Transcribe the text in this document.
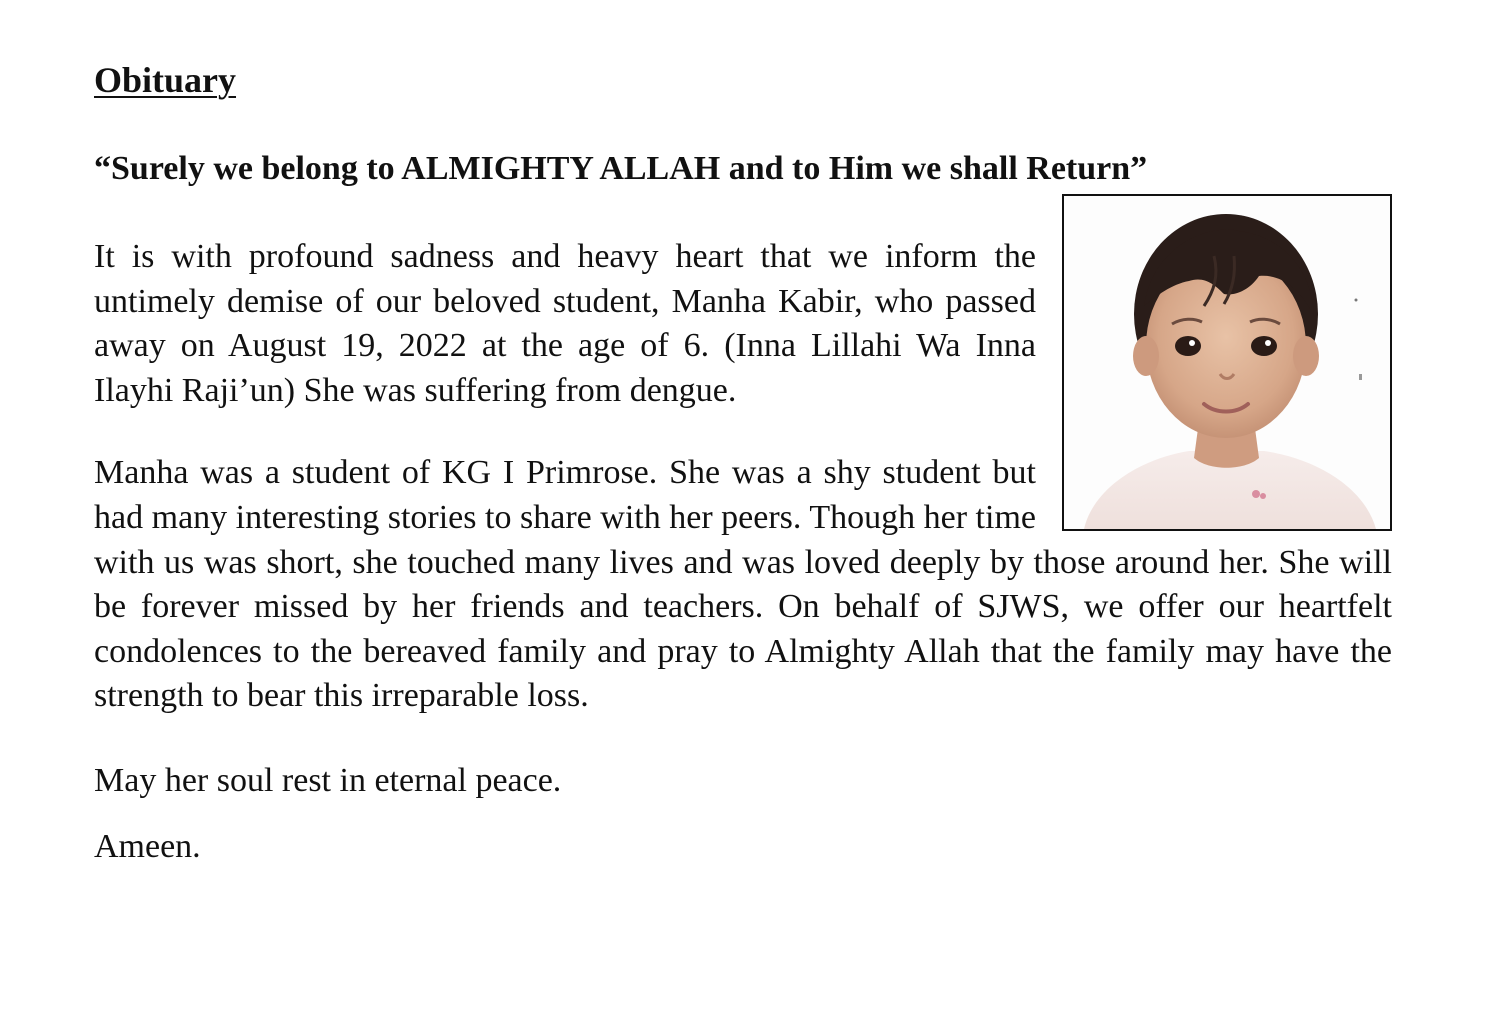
Obituary

“Surely we belong to ALMIGHTY ALLAH and to Him we shall Return”

It is with profound sadness and heavy heart that we inform the untimely demise of our beloved student, Manha Kabir, who passed away on August 19, 2022 at the age of 6. (Inna Lillahi Wa Inna Ilayhi Raji’un) She was suffering from dengue.

Manha was a student of KG I Primrose. She was a shy student but had many interesting stories to share with her peers. Though her time with us was short, she touched many lives and was loved deeply by those around her. She will be forever missed by her friends and teachers. On behalf of SJWS, we offer our heartfelt condolences to the bereaved family and pray to Almighty Allah that the family may have the strength to bear this irreparable loss.

May her soul rest in eternal peace.

Ameen.
